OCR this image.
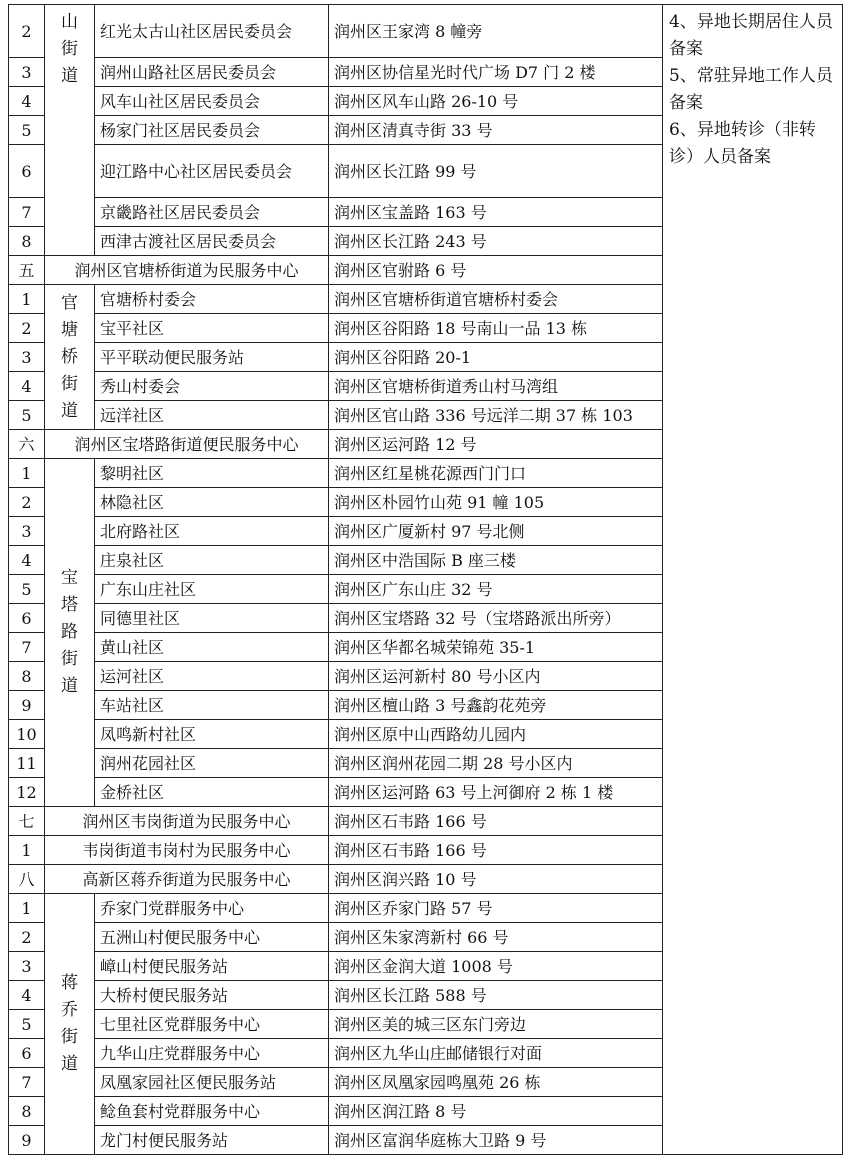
2	山街道	红光太古山社区居民委员会	润州区王家湾 8 幢旁	4、异地长期居住人员备案
5、常驻异地工作人员备案
6、异地转诊（非转诊）人员备案

3		润州山路社区居民委员会	润州区协信星光时代广场 D7 门 2 楼	
4		风车山社区居民委员会	润州区风车山路 26-10 号	
5		杨家门社区居民委员会	润州区清真寺街 33 号	
6		迎江路中心社区居民委员会	润州区长江路 99 号	
7		京畿路社区居民委员会	润州区宝盖路 163 号	
8		西津古渡社区居民委员会	润州区长江路 243 号	
五	润州区官塘桥街道为民服务中心		润州区官驸路 6 号	
1	官塘桥街道	官塘桥村委会	润州区官塘桥街道官塘桥村委会	
2		宝平社区	润州区谷阳路 18 号南山一品 13 栋	
3		平平联动便民服务站	润州区谷阳路 20-1	
4		秀山村委会	润州区官塘桥街道秀山村马湾组	
5		远洋社区	润州区官山路 336 号远洋二期 37 栋 103	
六	润州区宝塔路街道便民服务中心		润州区运河路 12 号	
1	宝塔路街道	黎明社区	润州区红星桃花源西门门口	
2		林隐社区	润州区朴园竹山苑 91 幢 105	
3		北府路社区	润州区广厦新村 97 号北侧	
4		庄泉社区	润州区中浩国际 B 座三楼	
5		广东山庄社区	润州区广东山庄 32 号	
6		同德里社区	润州区宝塔路 32 号（宝塔路派出所旁）	
7		黄山社区	润州区华都名城荣锦苑 35-1	
8		运河社区	润州区运河新村 80 号小区内	
9		车站社区	润州区檀山路 3 号鑫韵花苑旁	
10		凤鸣新村社区	润州区原中山西路幼儿园内	
11		润州花园社区	润州区润州花园二期 28 号小区内	
12		金桥社区	润州区运河路 63 号上河御府 2 栋 1 楼	
七	润州区韦岗街道为民服务中心		润州区石韦路 166 号	
1	韦岗街道韦岗村为民服务中心		润州区石韦路 166 号	
八	高新区蒋乔街道为民服务中心		润州区润兴路 10 号	
1	蒋乔街道	乔家门党群服务中心	润州区乔家门路 57 号	
2		五洲山村便民服务中心	润州区朱家湾新村 66 号	
3		嶂山村便民服务站	润州区金润大道 1008 号	
4		大桥村便民服务站	润州区长江路 588 号	
5		七里社区党群服务中心	润州区美的城三区东门旁边	
6		九华山庄党群服务中心	润州区九华山庄邮储银行对面	
7		凤凰家园社区便民服务站	润州区凤凰家园鸣凰苑 26 栋	
8		鲶鱼套村党群服务中心	润州区润江路 8 号	
9		龙门村便民服务站	润州区富润华庭栋大卫路 9 号	
